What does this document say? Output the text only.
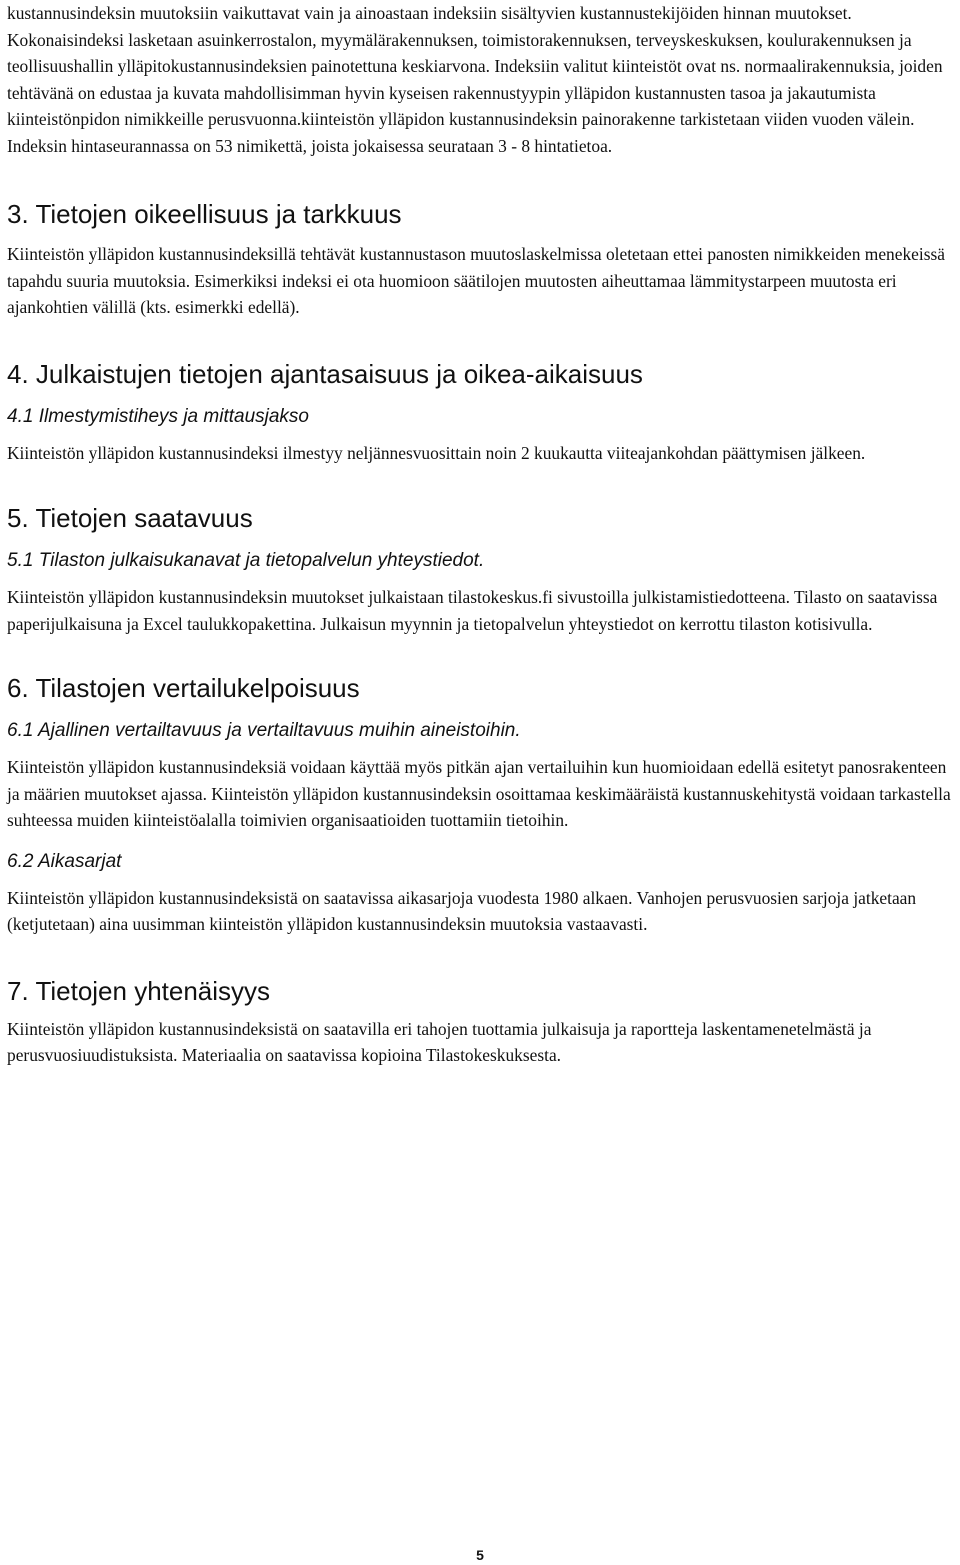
kustannusindeksin muutoksiin vaikuttavat vain ja ainoastaan indeksiin sisältyvien kustannustekijöiden hinnan muutokset. Kokonaisindeksi lasketaan asuinkerrostalon, myymälärakennuksen, toimistorakennuksen, terveyskeskuksen, koulurakennuksen ja teollisuushallin ylläpitokustannusindeksien painotettuna keskiarvona. Indeksiin valitut kiinteistöt ovat ns. normaalirakennuksia, joiden tehtävänä on edustaa ja kuvata mahdollisimman hyvin kyseisen rakennustyypin ylläpidon kustannusten tasoa ja jakautumista kiinteistönpidon nimikkeille perusvuonna.kiinteistön ylläpidon kustannusindeksin painorakenne tarkistetaan viiden vuoden välein. Indeksin hintaseurannassa on 53 nimikettä, joista jokaisessa seurataan 3 - 8 hintatietoa.

3. Tietojen oikeellisuus ja tarkkuus

Kiinteistön ylläpidon kustannusindeksillä tehtävät kustannustason muutoslaskelmissa oletetaan ettei panosten nimikkeiden menekeissä tapahdu suuria muutoksia. Esimerkiksi indeksi ei ota huomioon säätilojen muutosten aiheuttamaa lämmitystarpeen muutosta eri ajankohtien välillä (kts. esimerkki edellä).

4. Julkaistujen tietojen ajantasaisuus ja oikea-aikaisuus
4.1 Ilmestymistiheys ja mittausjakso

Kiinteistön ylläpidon kustannusindeksi ilmestyy neljännesvuosittain noin 2 kuukautta viiteajankohdan päättymisen jälkeen.

5. Tietojen saatavuus
5.1 Tilaston julkaisukanavat ja tietopalvelun yhteystiedot.

Kiinteistön ylläpidon kustannusindeksin muutokset julkaistaan tilastokeskus.fi sivustoilla julkistamistiedotteena. Tilasto on saatavissa paperijulkaisuna ja Excel taulukkopakettina. Julkaisun myynnin ja tietopalvelun yhteystiedot on kerrottu tilaston kotisivulla.

6. Tilastojen vertailukelpoisuus
6.1 Ajallinen vertailtavuus ja vertailtavuus muihin aineistoihin.

Kiinteistön ylläpidon kustannusindeksiä voidaan käyttää myös pitkän ajan vertailuihin kun huomioidaan edellä esitetyt panosrakenteen ja määrien muutokset ajassa. Kiinteistön ylläpidon kustannusindeksin osoittamaa keskimääräistä kustannuskehitystä voidaan tarkastella suhteessa muiden kiinteistöalalla toimivien organisaatioiden tuottamiin tietoihin.

6.2 Aikasarjat

Kiinteistön ylläpidon kustannusindeksistä on saatavissa aikasarjoja vuodesta 1980 alkaen. Vanhojen perusvuosien sarjoja jatketaan (ketjutetaan) aina uusimman kiinteistön ylläpidon kustannusindeksin muutoksia vastaavasti.

7. Tietojen yhtenäisyys

Kiinteistön ylläpidon kustannusindeksistä on saatavilla eri tahojen tuottamia julkaisuja ja raportteja laskentamenetelmästä ja perusvuosiuudistuksista. Materiaalia on saatavissa kopioina Tilastokeskuksesta.

5
